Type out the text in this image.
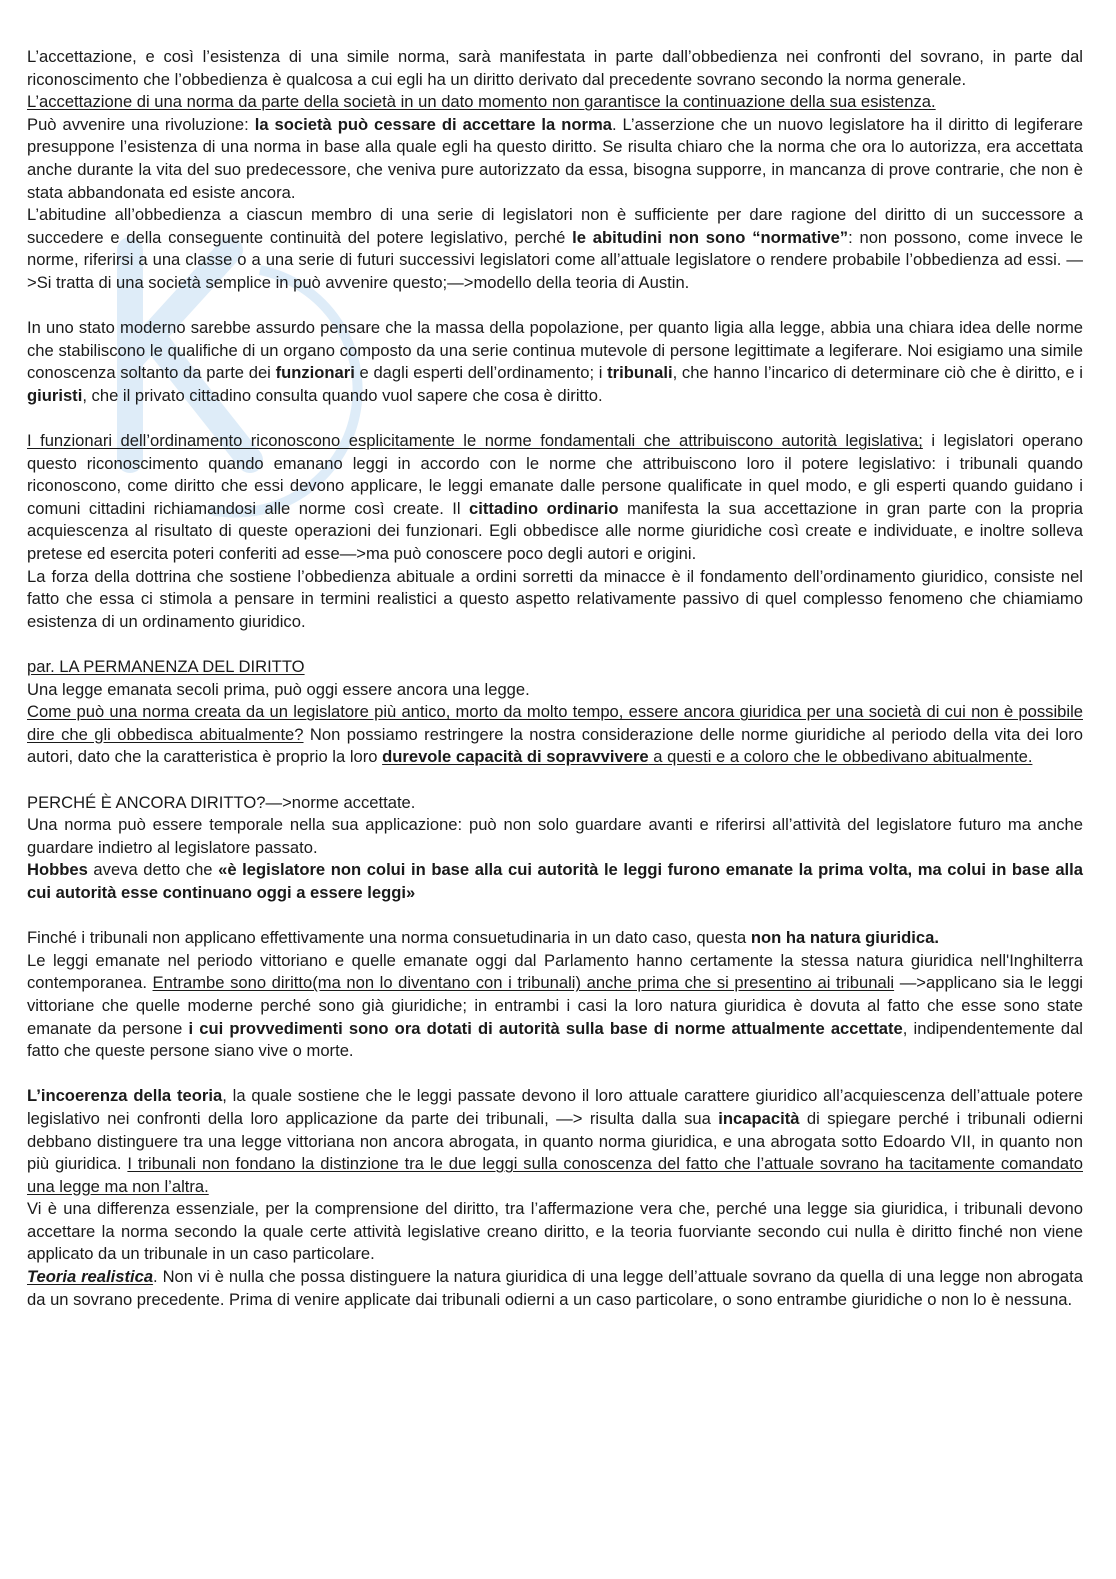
L’accettazione, e così l’esistenza di una simile norma, sarà manifestata in parte dall’obbedienza nei confronti del sovrano, in parte dal riconoscimento che l’obbedienza è qualcosa a cui egli ha un diritto derivato dal precedente sovrano secondo la norma generale.

L’accettazione di una norma da parte della società in un dato momento non garantisce la continuazione della sua esistenza.

Può avvenire una rivoluzione: la società può cessare di accettare la norma. L’asserzione che un nuovo legislatore ha il diritto di legiferare presuppone l’esistenza di una norma in base alla quale egli ha questo diritto. Se risulta chiaro che la norma che ora lo autorizza, era accettata anche durante la vita del suo predecessore, che veniva pure autorizzato da essa, bisogna supporre, in mancanza di prove contrarie, che non è stata abbandonata ed esiste ancora.

L’abitudine all’obbedienza a ciascun membro di una serie di legislatori non è sufficiente per dare ragione del diritto di un successore a succedere e della conseguente continuità del potere legislativo, perché le abitudini non sono “normative”: non possono, come invece le norme, riferirsi a una classe o a una serie di futuri successivi legislatori come all’attuale legislatore o rendere probabile l’obbedienza ad essi. —>Si tratta di una società semplice in può avvenire questo;—>modello della teoria di Austin.

In uno stato moderno sarebbe assurdo pensare che la massa della popolazione, per quanto ligia alla legge, abbia una chiara idea delle norme che stabiliscono le qualifiche di un organo composto da una serie continua mutevole di persone legittimate a legiferare. Noi esigiamo una simile conoscenza soltanto da parte dei funzionari e dagli esperti dell’ordinamento; i tribunali, che hanno l’incarico di determinare ciò che è diritto, e i giuristi, che il privato cittadino consulta quando vuol sapere che cosa è diritto.

I funzionari dell’ordinamento riconoscono esplicitamente le norme fondamentali che attribuiscono autorità legislativa; i legislatori operano questo riconoscimento quando emanano leggi in accordo con le norme che attribuiscono loro il potere legislativo: i tribunali quando riconoscono, come diritto che essi devono applicare, le leggi emanate dalle persone qualificate in quel modo, e gli esperti quando guidano i comuni cittadini richiamandosi alle norme così create. Il cittadino ordinario manifesta la sua accettazione in gran parte con la propria acquiescenza al risultato di queste operazioni dei funzionari. Egli obbedisce alle norme giuridiche così create e individuate, e inoltre solleva pretese ed esercita poteri conferiti ad esse—>ma può conoscere poco degli autori e origini.

La forza della dottrina che sostiene l’obbedienza abituale a ordini sorretti da minacce è il fondamento dell’ordinamento giuridico, consiste nel fatto che essa ci stimola a pensare in termini realistici a questo aspetto relativamente passivo di quel complesso fenomeno che chiamiamo esistenza di un ordinamento giuridico.

par. LA PERMANENZA DEL DIRITTO

Una legge emanata secoli prima, può oggi essere ancora una legge.

Come può una norma creata da un legislatore più antico, morto da molto tempo, essere ancora giuridica per una società di cui non è possibile dire che gli obbedisca abitualmente? Non possiamo restringere la nostra considerazione delle norme giuridiche al periodo della vita dei loro autori, dato che la caratteristica è proprio la loro durevole capacità di sopravvivere a questi e a coloro che le obbedivano abitualmente.

PERCHÉ È ANCORA DIRITTO?—>norme accettate.

Una norma può essere temporale nella sua applicazione: può non solo guardare avanti e riferirsi all’attività del legislatore futuro ma anche guardare indietro al legislatore passato.

Hobbes aveva detto che «è legislatore non colui in base alla cui autorità le leggi furono emanate la prima volta, ma colui in base alla cui autorità esse continuano oggi a essere leggi»

Finché i tribunali non applicano effettivamente una norma consuetudinaria in un dato caso, questa non ha natura giuridica.

Le leggi emanate nel periodo vittoriano e quelle emanate oggi dal Parlamento hanno certamente la stessa natura giuridica nell'Inghilterra contemporanea. Entrambe sono diritto(ma non lo diventano con i tribunali) anche prima che si presentino ai tribunali —>applicano sia le leggi vittoriane che quelle moderne perché sono già giuridiche; in entrambi i casi la loro natura giuridica è dovuta al fatto che esse sono state emanate da persone i cui provvedimenti sono ora dotati di autorità sulla base di norme attualmente accettate, indipendentemente dal fatto che queste persone siano vive o morte.

L’incoerenza della teoria, la quale sostiene che le leggi passate devono il loro attuale carattere giuridico all’acquiescenza dell’attuale potere legislativo nei confronti della loro applicazione da parte dei tribunali, —> risulta dalla sua incapacità di spiegare perché i tribunali odierni debbano distinguere tra una legge vittoriana non ancora abrogata, in quanto norma giuridica, e una abrogata sotto Edoardo VII, in quanto non più giuridica. I tribunali non fondano la distinzione tra le due leggi sulla conoscenza del fatto che l’attuale sovrano ha tacitamente comandato una legge ma non l’altra.

Vi è una differenza essenziale, per la comprensione del diritto, tra l’affermazione vera che, perché una legge sia giuridica, i tribunali devono accettare la norma secondo la quale certe attività legislative creano diritto, e la teoria fuorviante secondo cui nulla è diritto finché non viene applicato da un tribunale in un caso particolare.

Teoria realistica. Non vi è nulla che possa distinguere la natura giuridica di una legge dell’attuale sovrano da quella di una legge non abrogata da un sovrano precedente. Prima di venire applicate dai tribunali odierni a un caso particolare, o sono entrambe giuridiche o non lo è nessuna.
